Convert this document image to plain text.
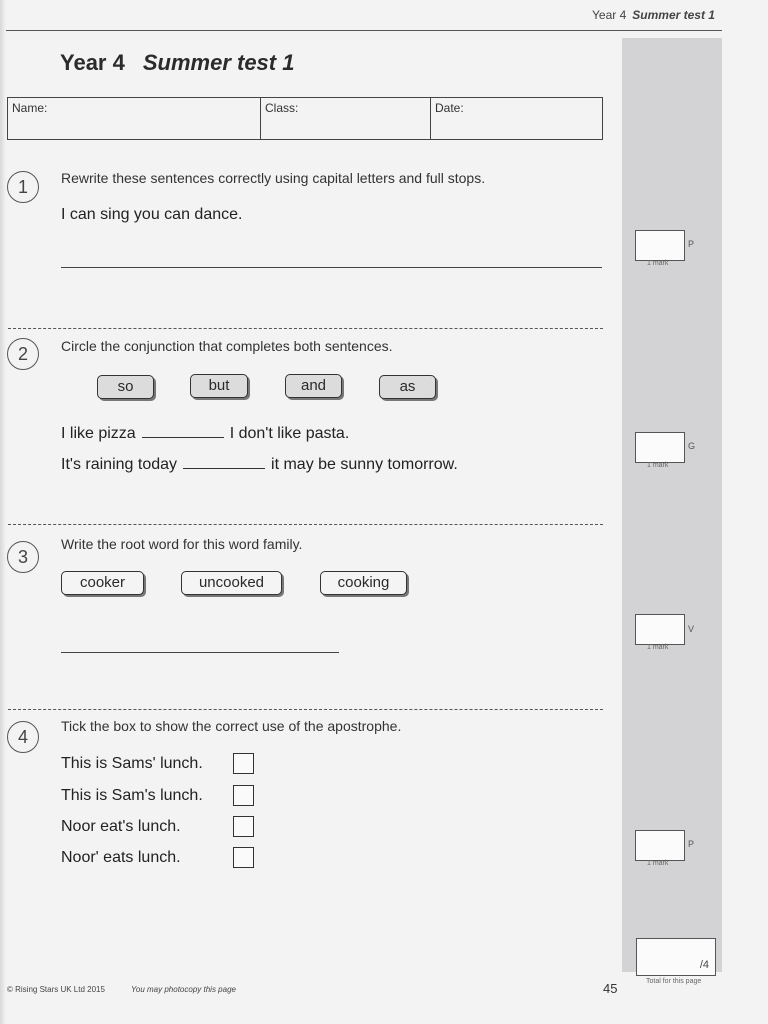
Year 4 Summer test 1
Year 4 Summer test 1
Name:	Class:	Date:
1	Rewrite these sentences correctly using capital letters and full stops.
I can sing you can dance.
P
1 mark
2	Circle the conjunction that completes both sentences.
so	but	and	as
I like pizza	I don't like pasta.
It's raining today	it may be sunny tomorrow.
G
1 mark
3
Write the root word for this word family.
cooker	uncooked	cooking
V
1 mark
4
Tick the box to show the correct use of the apostrophe.
This is Sams' lunch.
This is Sam's lunch.
Noor eat's lunch.
Noor' eats lunch.
P
1 mark
/4
Total for this page
© Rising Stars UK Ltd 2015	You may photocopy this page	45
